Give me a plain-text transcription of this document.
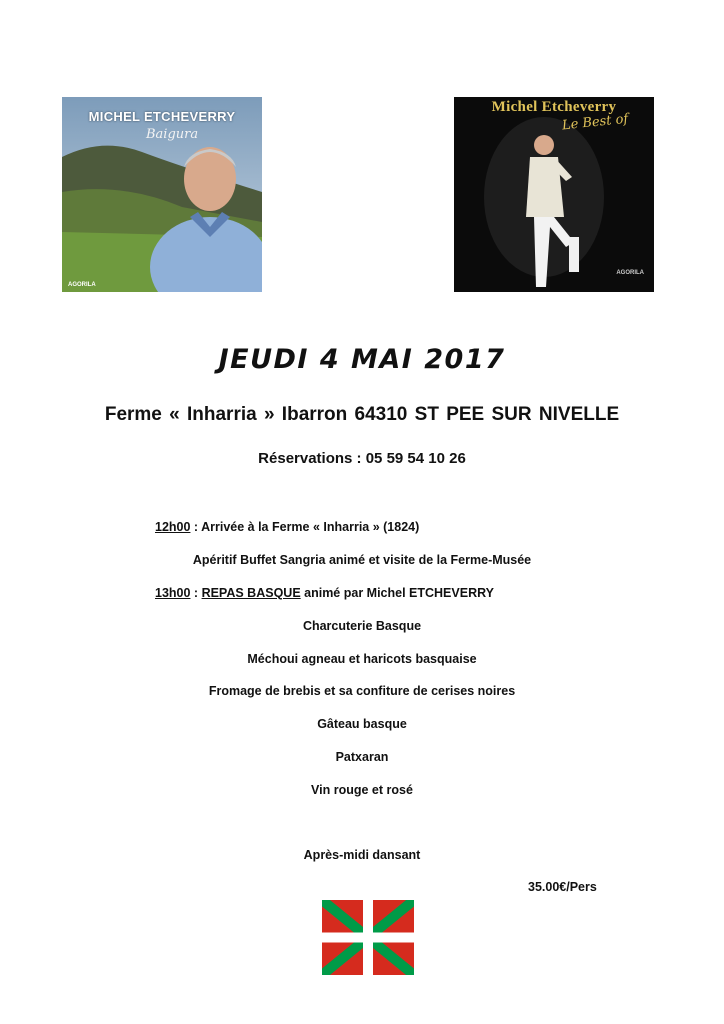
MICHEL ETCHEVERRY
Baigura
AGORILA
Michel Etcheverry
Le Best of
AGORILA
JEUDI 4 MAI 2017
Ferme « Inharria » Ibarron 64310 ST PEE SUR NIVELLE
Réservations : 05 59 54 10 26
12h00 : Arrivée à la Ferme « Inharria » (1824)
Apéritif Buffet Sangria animé et visite de la Ferme-Musée
13h00 : REPAS BASQUE animé par Michel ETCHEVERRY
Charcuterie Basque
Méchoui agneau et haricots basquaise
Fromage de brebis et sa confiture de cerises noires
Gâteau basque
Patxaran
Vin rouge et rosé
Après-midi dansant
35.00€/Pers
